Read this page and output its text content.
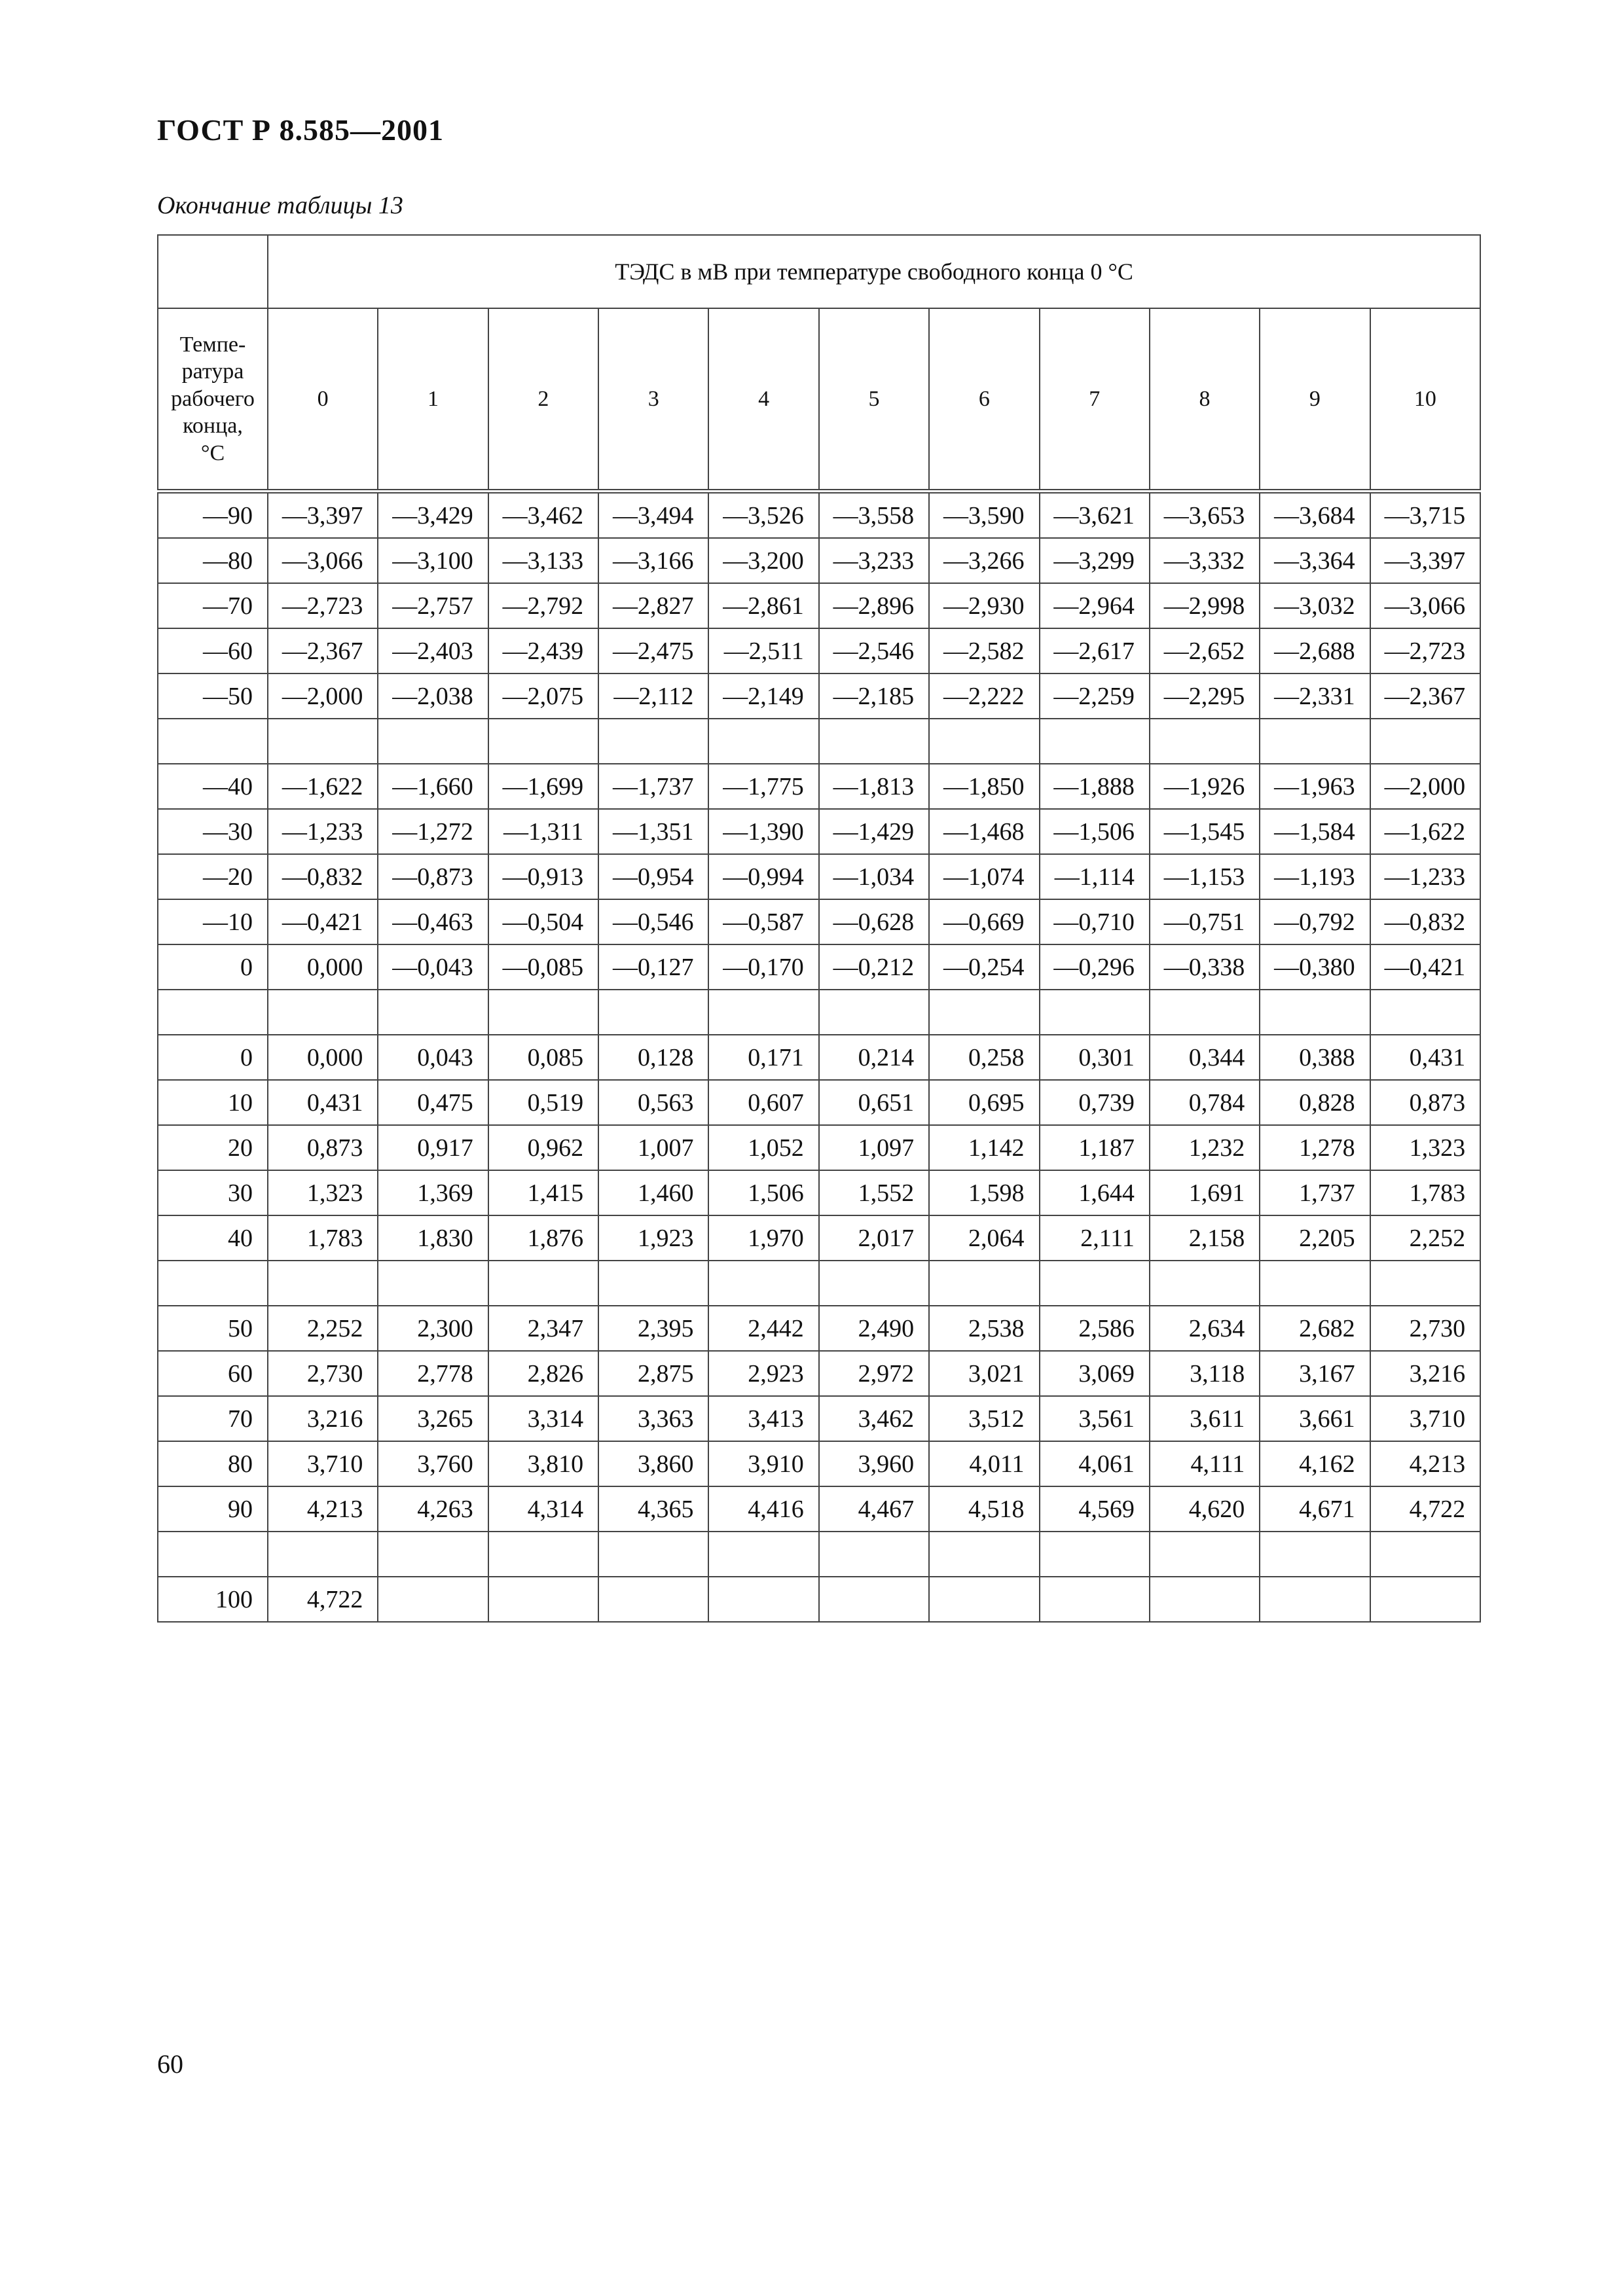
ГОСТ Р 8.585—2001
Окончание таблицы 13
	ТЭДС в мВ при температуре свободного конца 0 °С										
Темпе-
ратура
рабочего
конца,
°С	0	1	2	3	4	5	6	7	8	9	10
—90	—3,397	—3,429	—3,462	—3,494	—3,526	—3,558	—3,590	—3,621	—3,653	—3,684	—3,715
—80	—3,066	—3,100	—3,133	—3,166	—3,200	—3,233	—3,266	—3,299	—3,332	—3,364	—3,397
—70	—2,723	—2,757	—2,792	—2,827	—2,861	—2,896	—2,930	—2,964	—2,998	—3,032	—3,066
—60	—2,367	—2,403	—2,439	—2,475	—2,511	—2,546	—2,582	—2,617	—2,652	—2,688	—2,723
—50	—2,000	—2,038	—2,075	—2,112	—2,149	—2,185	—2,222	—2,259	—2,295	—2,331	—2,367

—40	—1,622	—1,660	—1,699	—1,737	—1,775	—1,813	—1,850	—1,888	—1,926	—1,963	—2,000
—30	—1,233	—1,272	—1,311	—1,351	—1,390	—1,429	—1,468	—1,506	—1,545	—1,584	—1,622
—20	—0,832	—0,873	—0,913	—0,954	—0,994	—1,034	—1,074	—1,114	—1,153	—1,193	—1,233
—10	—0,421	—0,463	—0,504	—0,546	—0,587	—0,628	—0,669	—0,710	—0,751	—0,792	—0,832
0	0,000	—0,043	—0,085	—0,127	—0,170	—0,212	—0,254	—0,296	—0,338	—0,380	—0,421

0	0,000	0,043	0,085	0,128	0,171	0,214	0,258	0,301	0,344	0,388	0,431
10	0,431	0,475	0,519	0,563	0,607	0,651	0,695	0,739	0,784	0,828	0,873
20	0,873	0,917	0,962	1,007	1,052	1,097	1,142	1,187	1,232	1,278	1,323
30	1,323	1,369	1,415	1,460	1,506	1,552	1,598	1,644	1,691	1,737	1,783
40	1,783	1,830	1,876	1,923	1,970	2,017	2,064	2,111	2,158	2,205	2,252

50	2,252	2,300	2,347	2,395	2,442	2,490	2,538	2,586	2,634	2,682	2,730
60	2,730	2,778	2,826	2,875	2,923	2,972	3,021	3,069	3,118	3,167	3,216
70	3,216	3,265	3,314	3,363	3,413	3,462	3,512	3,561	3,611	3,661	3,710
80	3,710	3,760	3,810	3,860	3,910	3,960	4,011	4,061	4,111	4,162	4,213
90	4,213	4,263	4,314	4,365	4,416	4,467	4,518	4,569	4,620	4,671	4,722

100	4,722										
60
